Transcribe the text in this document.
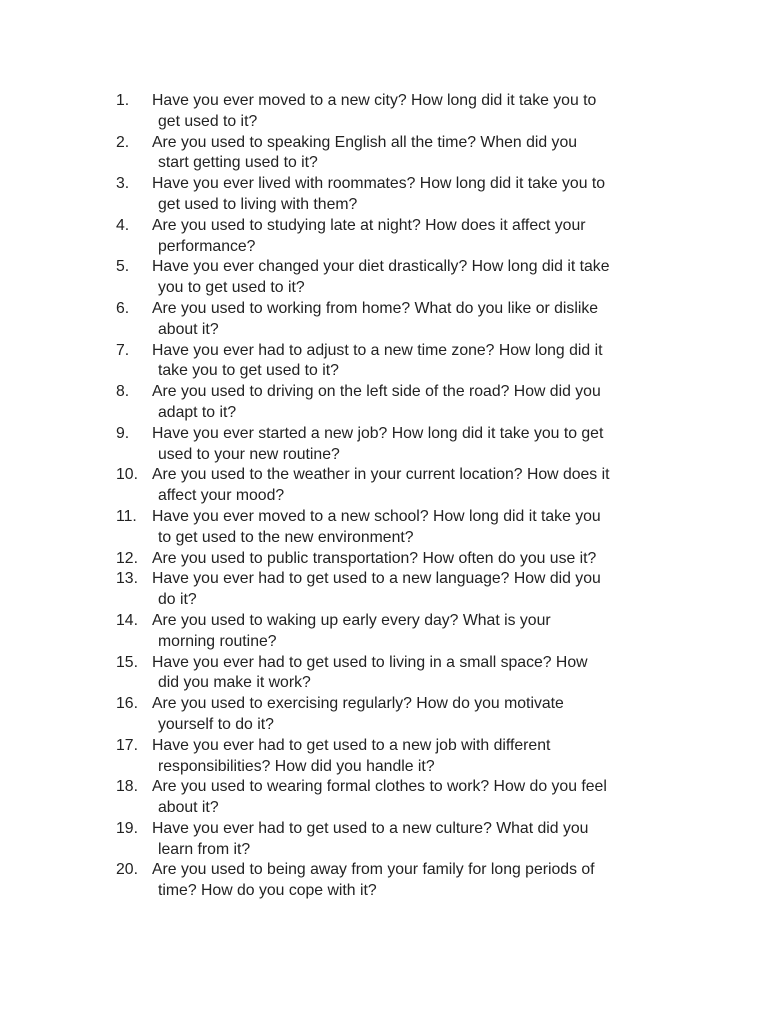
1.	Have you ever moved to a new city? How long did it take you to
get used to it?
2.	Are you used to speaking English all the time? When did you
start getting used to it?
3.	Have you ever lived with roommates? How long did it take you to
get used to living with them?
4.	Are you used to studying late at night? How does it affect your
performance?
5.	Have you ever changed your diet drastically? How long did it take
you to get used to it?
6.	Are you used to working from home? What do you like or dislike
about it?
7.	Have you ever had to adjust to a new time zone? How long did it
take you to get used to it?
8.	Are you used to driving on the left side of the road? How did you
adapt to it?
9.	Have you ever started a new job? How long did it take you to get
used to your new routine?
10. Are you used to the weather in your current location? How does it
affect your mood?
11. Have you ever moved to a new school? How long did it take you
to get used to the new environment?
12. Are you used to public transportation? How often do you use it?
13. Have you ever had to get used to a new language? How did you
do it?
14. Are you used to waking up early every day? What is your
morning routine?
15. Have you ever had to get used to living in a small space? How
did you make it work?
16. Are you used to exercising regularly? How do you motivate
yourself to do it?
17. Have you ever had to get used to a new job with different
responsibilities? How did you handle it?
18. Are you used to wearing formal clothes to work? How do you feel
about it?
19. Have you ever had to get used to a new culture? What did you
learn from it?
20. Are you used to being away from your family for long periods of
time? How do you cope with it?
